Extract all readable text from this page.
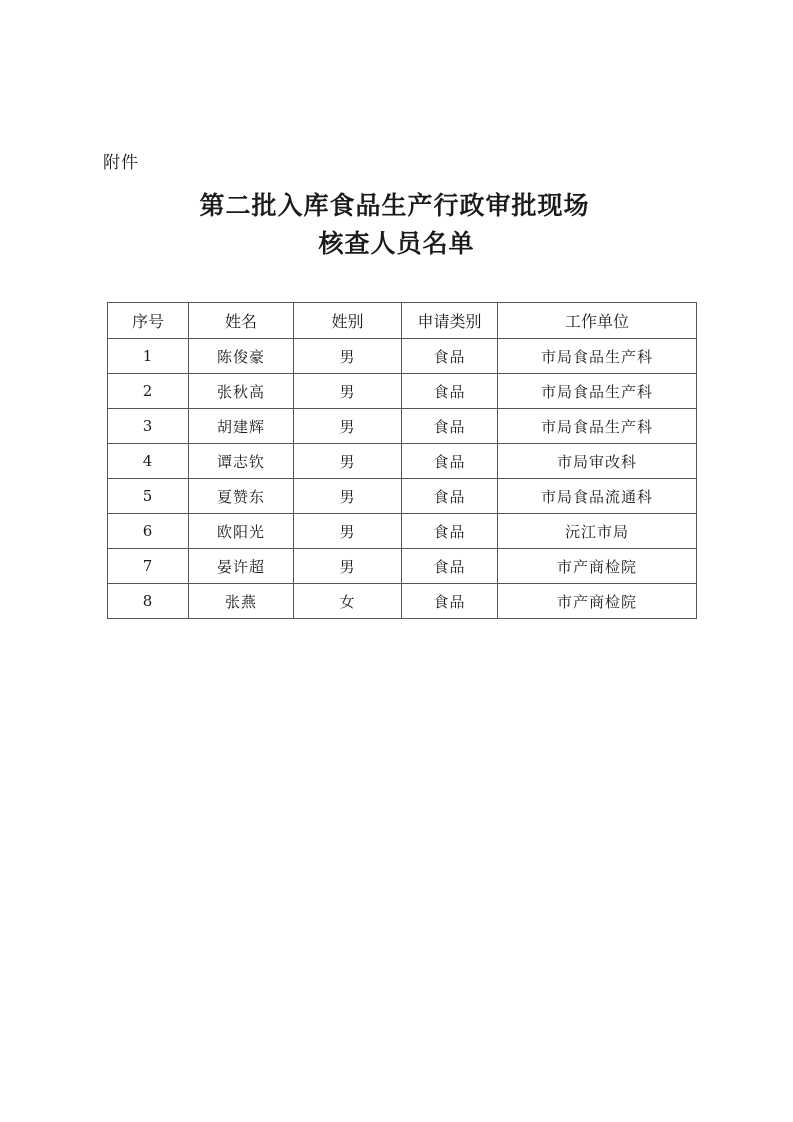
附件
第二批入库食品生产行政审批现场
核查人员名单
序号	姓名	姓别	申请类别	工作单位
1	陈俊豪	男	食品	市局食品生产科
2	张秋高	男	食品	市局食品生产科
3	胡建辉	男	食品	市局食品生产科
4	谭志钦	男	食品	市局审改科
5	夏赞东	男	食品	市局食品流通科
6	欧阳光	男	食品	沅江市局
7	晏许超	男	食品	市产商检院
8	张燕	女	食品	市产商检院
